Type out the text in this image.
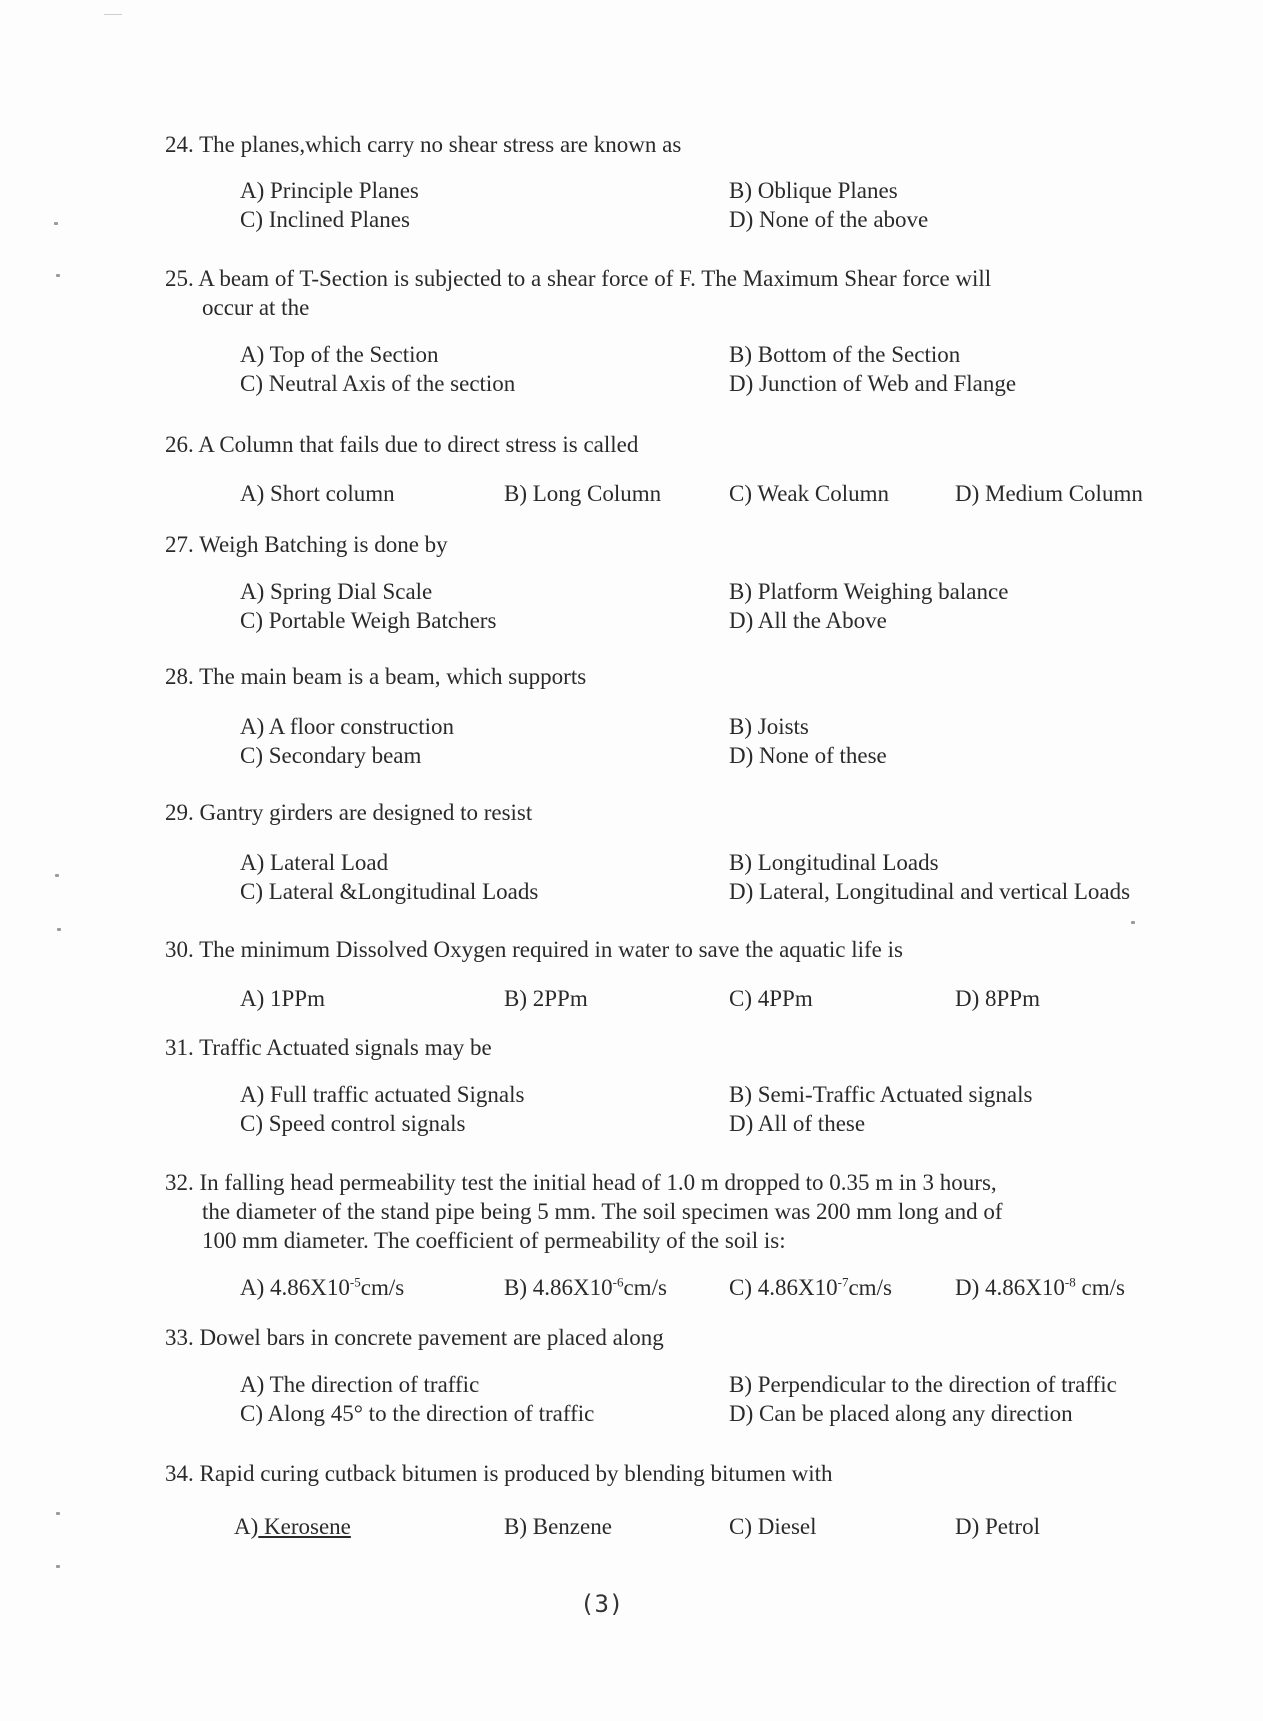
24. The planes,which carry no shear stress are known as
A) Principle Planes	B) Oblique Planes
C) Inclined Planes	D) None of the above
25. A beam of T-Section is subjected to a shear force of F. The Maximum Shear force will
occur at the
A) Top of the Section	B) Bottom of the Section
C) Neutral Axis of the section	D) Junction of Web and Flange
26. A Column that fails due to direct stress is called
A) Short column	B) Long Column	C) Weak Column	D) Medium Column
27. Weigh Batching is done by
A) Spring Dial Scale	B) Platform Weighing balance
C) Portable Weigh Batchers	D) All the Above
28. The main beam is a beam, which supports
A) A floor construction	B) Joists
C) Secondary beam	D) None of these
29. Gantry girders are designed to resist
A) Lateral Load	B) Longitudinal Loads
C) Lateral &Longitudinal Loads	D) Lateral, Longitudinal and vertical Loads
30. The minimum Dissolved Oxygen required in water to save the aquatic life is
A) 1PPm	B) 2PPm	C) 4PPm	D) 8PPm
31. Traffic Actuated signals may be
A) Full traffic actuated Signals	B) Semi-Traffic Actuated signals
C) Speed control signals	D) All of these
32. In falling head permeability test the initial head of 1.0 m dropped to 0.35 m in 3 hours,
the diameter of the stand pipe being 5 mm. The soil specimen was 200 mm long and of
100 mm diameter. The coefficient of permeability of the soil is:
A) $4.86X10^{-5}cm/s$	B) $4.86X10^{-6}cm/s$	C) $4.86X10^{-7}cm/s$	D) $4.86X10^{-8}$ cm/s
33. Dowel bars in concrete pavement are placed along
A) The direction of traffic	B) Perpendicular to the direction of traffic
C) Along 45° to the direction of traffic	D) Can be placed along any direction
34. Rapid curing cutback bitumen is produced by blending bitumen with
A) Kerosene	B) Benzene	C) Diesel	D) Petrol
(3)
